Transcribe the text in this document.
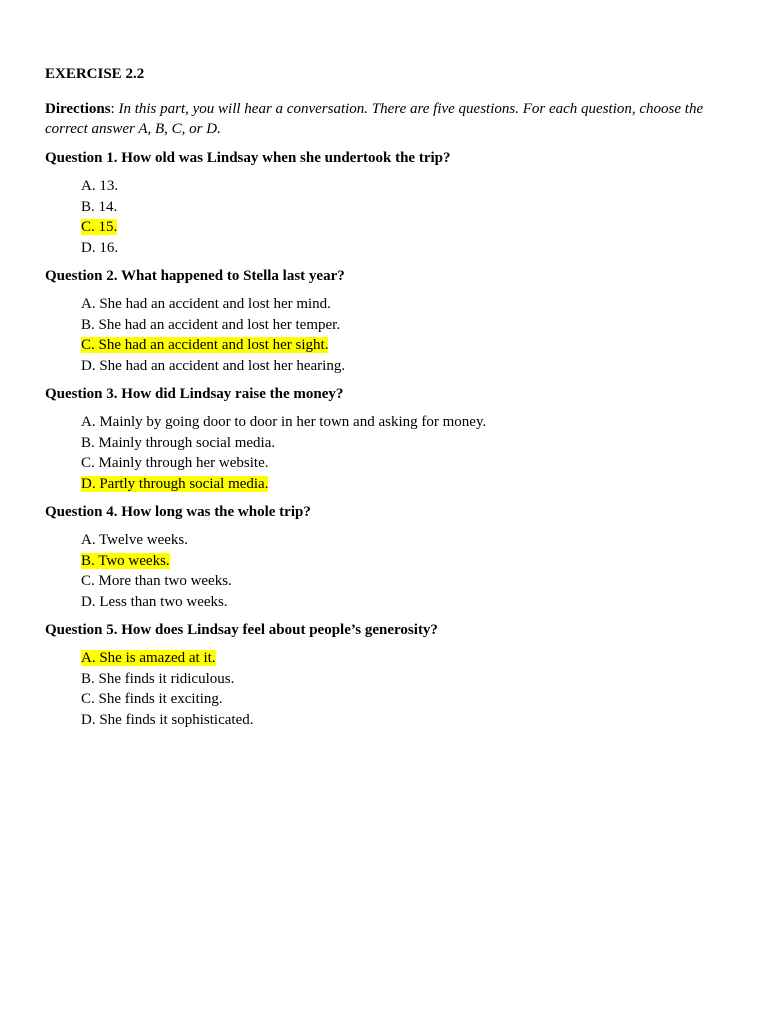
EXERCISE 2.2
Directions: In this part, you will hear a conversation. There are five questions. For each question, choose the correct answer A, B, C, or D.
Question 1. How old was Lindsay when she undertook the trip?
A. 13.
B. 14.
C. 15.
D. 16.
Question 2. What happened to Stella last year?
A. She had an accident and lost her mind.
B. She had an accident and lost her temper.
C. She had an accident and lost her sight.
D. She had an accident and lost her hearing.
Question 3. How did Lindsay raise the money?
A. Mainly by going door to door in her town and asking for money.
B. Mainly through social media.
C. Mainly through her website.
D. Partly through social media.
Question 4. How long was the whole trip?
A. Twelve weeks.
B. Two weeks.
C. More than two weeks.
D. Less than two weeks.
Question 5. How does Lindsay feel about people’s generosity?
A. She is amazed at it.
B. She finds it ridiculous.
C. She finds it exciting.
D. She finds it sophisticated.
